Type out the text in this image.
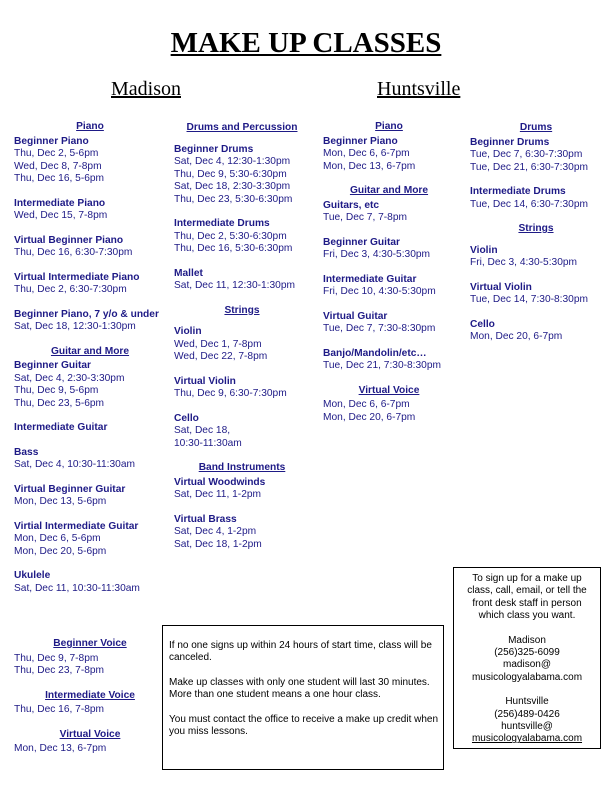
MAKE UP CLASSES
Madison	Huntsville
Piano
Beginner Piano
Thu, Dec 2, 5-6pm
Wed, Dec 8, 7-8pm
Thu, Dec 16, 5-6pm
Intermediate Piano
Wed, Dec 15, 7-8pm
Virtual Beginner Piano
Thu, Dec 16, 6:30-7:30pm
Virtual Intermediate Piano
Thu, Dec 2, 6:30-7:30pm
Beginner Piano, 7 y/o & under
Sat, Dec 18, 12:30-1:30pm
Guitar and More
Beginner Guitar
Sat, Dec 4, 2:30-3:30pm
Thu, Dec 9, 5-6pm
Thu, Dec 23, 5-6pm
Intermediate Guitar
Bass
Sat, Dec 4, 10:30-11:30am
Virtual Beginner Guitar
Mon, Dec 13, 5-6pm
Virtial Intermediate Guitar
Mon, Dec 6, 5-6pm
Mon, Dec 20, 5-6pm
Ukulele
Sat, Dec 11, 10:30-11:30am
Beginner Voice
Thu, Dec 9, 7-8pm
Thu, Dec 23, 7-8pm
Intermediate Voice
Thu, Dec 16, 7-8pm
Virtual Voice
Mon, Dec 13, 6-7pm
Drums and Percussion
Beginner Drums
Sat, Dec 4, 12:30-1:30pm
Thu, Dec 9, 5:30-6:30pm
Sat, Dec 18, 2:30-3:30pm
Thu, Dec 23, 5:30-6:30pm
Intermediate Drums
Thu, Dec 2, 5:30-6:30pm
Thu, Dec 16, 5:30-6:30pm
Mallet
Sat, Dec 11, 12:30-1:30pm
Strings
Violin
Wed, Dec 1, 7-8pm
Wed, Dec 22, 7-8pm
Virtual Violin
Thu, Dec 9, 6:30-7:30pm
Cello
Sat, Dec 18,
10:30-11:30am
Band Instruments
Virtual Woodwinds
Sat, Dec 11, 1-2pm
Virtual Brass
Sat, Dec 4, 1-2pm
Sat, Dec 18, 1-2pm
Piano
Beginner Piano
Mon, Dec 6, 6-7pm
Mon, Dec 13, 6-7pm
Guitar and More
Guitars, etc
Tue, Dec 7, 7-8pm
Beginner Guitar
Fri, Dec 3, 4:30-5:30pm
Intermediate Guitar
Fri, Dec 10, 4:30-5:30pm
Virtual Guitar
Tue, Dec 7, 7:30-8:30pm
Banjo/Mandolin/etc…
Tue, Dec 21, 7:30-8:30pm
Virtual Voice
Mon, Dec 6, 6-7pm
Mon, Dec 20, 6-7pm
Drums
Beginner Drums
Tue, Dec 7, 6:30-7:30pm
Tue, Dec 21, 6:30-7:30pm
Intermediate Drums
Tue, Dec 14, 6:30-7:30pm
Strings
Violin
Fri, Dec 3, 4:30-5:30pm
Virtual Violin
Tue, Dec 14, 7:30-8:30pm
Cello
Mon, Dec 20, 6-7pm
If no one signs up within 24 hours of start time, class will be canceled.
Make up classes with only one student will last 30 minutes. More than one student means a one hour class.
You must contact the office to receive a make up credit when you miss lessons.
To sign up for a make up class, call, email, or tell the front desk staff in person which class you want.
Madison
(256)325-6099
madison@
musicologyalabama.com
Huntsville
(256)489-0426
huntsville@
musicologyalabama.com
